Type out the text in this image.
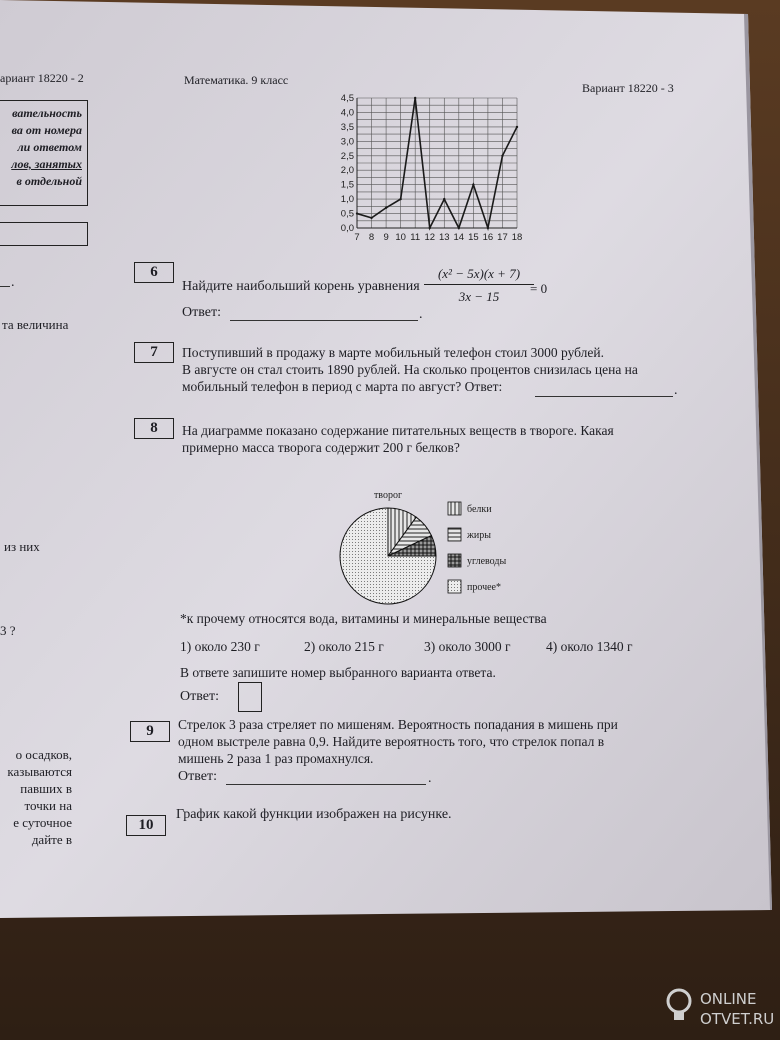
ариант 18220 - 2
вательность
ва от номера
ли ответом
лов, занятых
в отдельной
.
та величина
из них
3 ?
о осадков,
казываются
павших в
точки на
е суточное
дайте в
Математика. 9 класс
Вариант 18220 - 3
0,0
0,5
1,0
1,5
2,0
2,5
3,0
3,5
4,0
4,5
7 8 9 10 11 12 13 14 15 16 17 18
6
Найдите наибольший корень уравнения $\frac{\text{(x² − 5x)(x + 7)}}{3x - 15}$
= 0
Ответ:	.
7	Поступивший в продажу в марте мобильный телефон стоил 3000 рублей.
В августе он стал стоить 1890 рублей. На сколько процентов снизилась цена на
мобильный телефон в период с марта по август? Ответ:	.
8	На диаграмме показано содержание питательных веществ в твороге. Какая
примерно масса творога содержит 200 г белков?
творог
белки
жиры
углеводы
прочее*
*к прочему относятся вода, витамины и минеральные вещества
1) около 230 г	2) около 215 г	3) около 3000 г	4) около 1340 г
В ответе запишите номер выбранного варианта ответа.
Ответ:
9	Стрелок 3 раза стреляет по мишеням. Вероятность попадания в мишень при
одном выстреле равна 0,9. Найдите вероятность того, что стрелок попал в
мишень 2 раза 1 раз промахнулся.
Ответ:	.
10
График какой функции изображен на рисунке.
ONLINE
OTVET.RU
